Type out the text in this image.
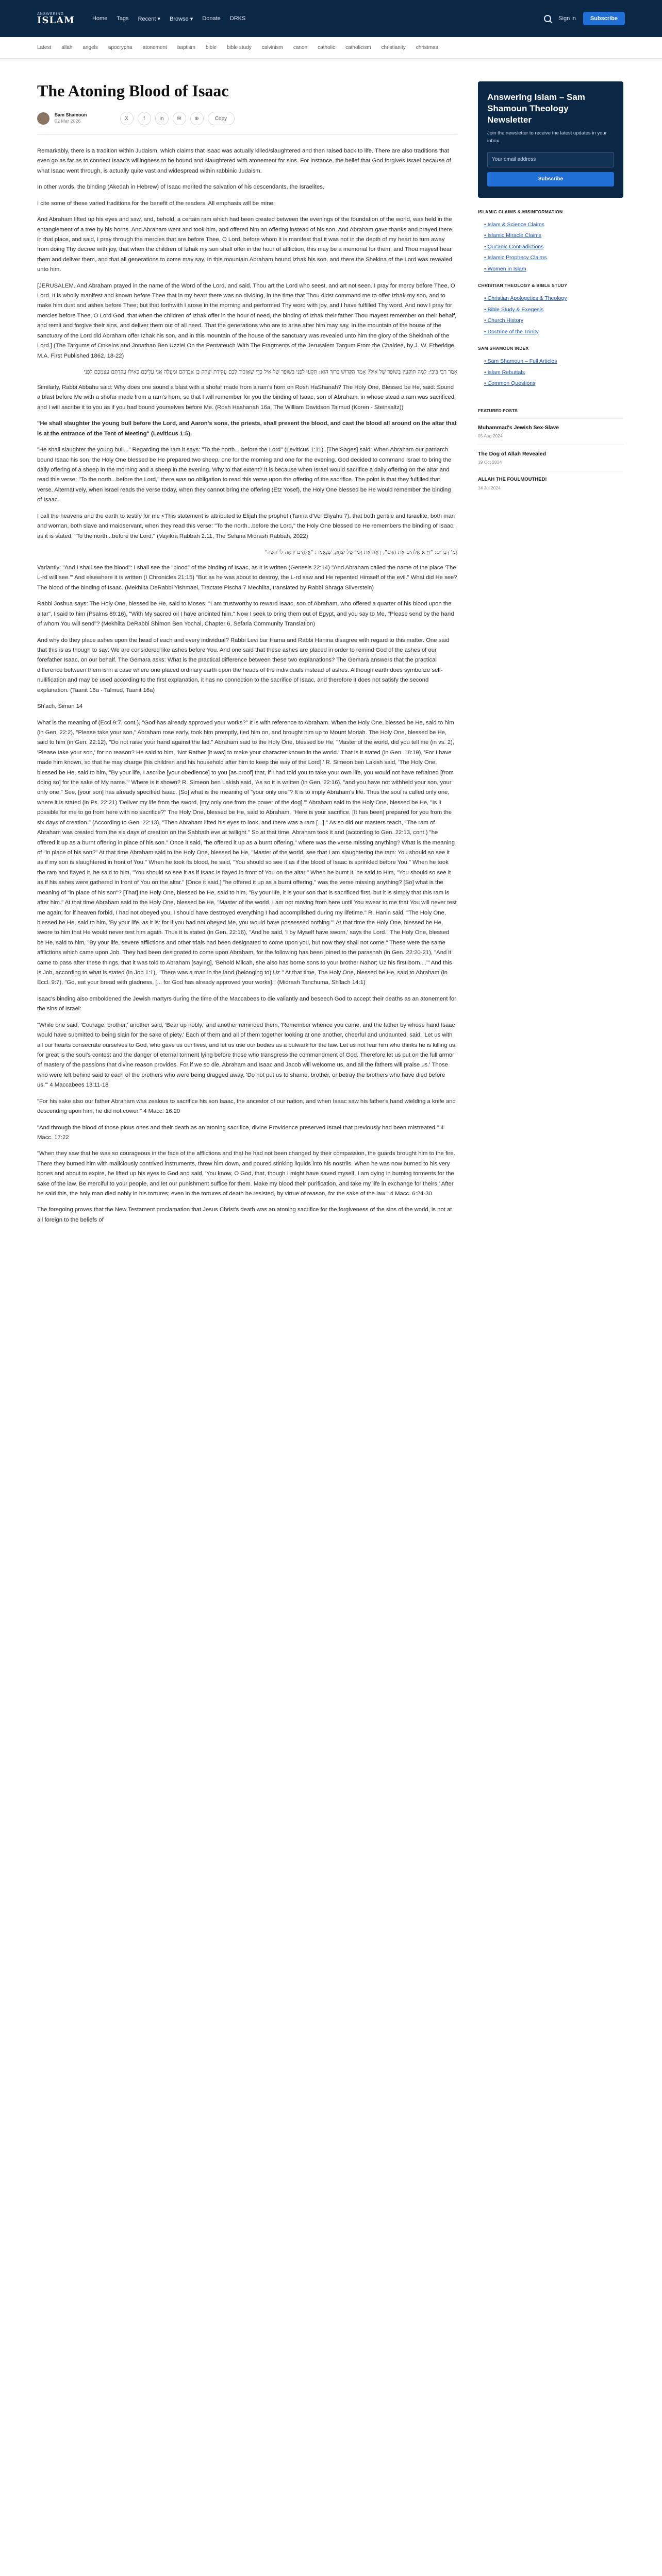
ANSWERING
ISLAM	Home Tags Recent ▾ Browse ▾ Donate DRKS	Sign in	Subscribe
Latest allah angels apocrypha atonement baptism bible bible study calvinism canon catholic catholicism christianity christmas
The Atoning Blood of Isaac
Sam Shamoun
02 Mar 2026	X	f	in	✉	⊕	Copy

Remarkably, there is a tradition within Judaism, which claims that Isaac was actually killed/slaughtered and then raised back to life. There are also traditions that even go as far as to connect Isaac's willingness to be bound and slaughtered with atonement for sins. For instance, the belief that God forgives Israel because of what Isaac went through, is actually quite vast and widespread within rabbinic Judaism.

In other words, the binding (Akedah in Hebrew) of Isaac merited the salvation of his descendants, the Israelites.

I cite some of these varied traditions for the benefit of the readers. All emphasis will be mine.

And Abraham lifted up his eyes and saw, and, behold, a certain ram which had been created between the evenings of the foundation of the world, was held in the entanglement of a tree by his horns. And Abraham went and took him, and offered him an offering instead of his son. And Abraham gave thanks and prayed there, in that place, and said, I pray through the mercies that are before Thee, O Lord, before whom it is manifest that it was not in the depth of my heart to turn away from doing Thy decree with joy, that when the children of Izhak my son shall offer in the hour of affliction, this may be a memorial for them; and Thou mayest hear them and deliver them, and that all generations to come may say, In this mountain Abraham bound Izhak his son, and there the Shekina of the Lord was revealed unto him.

[JERUSALEM. And Abraham prayed in the name of the Word of the Lord, and said, Thou art the Lord who seest, and art not seen. I pray for mercy before Thee, O Lord. It is wholly manifest and known before Thee that in my heart there was no dividing, in the time that Thou didst command me to offer Izhak my son, and to make him dust and ashes before Thee; but that forthwith I arose in the morning and performed Thy word with joy, and I have fulfilled Thy word. And now I pray for mercies before Thee, O Lord God, that when the children of Izhak offer in the hour of need, the binding of Izhak their father Thou mayest remember on their behalf, and remit and forgive their sins, and deliver them out of all need. That the generations who are to arise after him may say, In the mountain of the house of the sanctuary of the Lord did Abraham offer Izhak his son, and in this mountain of the house of the sanctuary was revealed unto him the glory of the Shekinah of the Lord.] (The Targums of Onkelos and Jonathan Ben Uzziel On the Pentateuch With The Fragments of the Jerusalem Targum From the Chaldee, by J. W. Etheridge, M.A. First Published 1862, 18-22)

אָמַר רַבִּי בִּיבִי: לְמָה תּוֹקְעִין בְּשׁוֹפָר שֶׁל אַיִל? אָמַר הַקָּדוֹשׁ בָּרוּךְ הוּא: תִּקְעוּ לְפָנַי בְּשׁוֹפָר שֶׁל אַיִל כְּדֵי שֶׁאֶזְכּוֹר לָכֶם עֲקֵידַת יִצְחָק בֶּן אַבְרָהָם וּמַעֲלֶה אֲנִי עֲלֵיכֶם כְּאִילּוּ עֲקַדְתֶּם עַצְמְכֶם לְפָנַי

Similarly, Rabbi Abbahu said: Why does one sound a blast with a shofar made from a ram's horn on Rosh HaShanah? The Holy One, Blessed be He, said: Sound a blast before Me with a shofar made from a ram's horn, so that I will remember for you the binding of Isaac, son of Abraham, in whose stead a ram was sacrificed, and I will ascribe it to you as if you had bound yourselves before Me. (Rosh Hashanah 16a, The William Davidson Talmud (Koren - Steinsaltz))

"He shall slaughter the young bull before the Lord, and Aaron's sons, the priests, shall present the blood, and cast the blood all around on the altar that is at the entrance of the Tent of Meeting" (Leviticus 1:5).

"He shall slaughter the young bull..." Regarding the ram it says: "To the north... before the Lord" (Leviticus 1:11). [The Sages] said: When Abraham our patriarch bound Isaac his son, the Holy One blessed be He prepared two sheep, one for the morning and one for the evening. God decided to command Israel to bring the daily offering of a sheep in the morning and a sheep in the evening. Why to that extent? It is because when Israel would sacrifice a daily offering on the altar and read this verse: "To the north...before the Lord," there was no obligation to read this verse upon the offering of the sacrifice. The point is that they fulfilled that verse. Alternatively, when Israel reads the verse today, when they cannot bring the offering (Etz Yosef), the Holy One blessed be He would remember the binding of Isaac.

I call the heavens and the earth to testify for me <This statement is attributed to Elijah the prophet (Tanna d'Vei Eliyahu 7). that both gentile and Israelite, both man and woman, both slave and maidservant, when they read this verse: "To the north...before the Lord," the Holy One blessed be He remembers the binding of Isaac, as it is stated: "To the north...before the Lord." (Vayikra Rabbah 2:11, The Sefaria Midrash Rabbah, 2022)

גְּמָ' דְּבָרִים: "וַיַּרְא אֱלֹהִים אֶת הַדָּם", רְאָה אֶת דָּמוֹ שֶׁל יִצְחָק, שֶׁנֶּאֱמַר: "אֱלֹהִים יִרְאֶה לּוֹ הַשֶּׂה"

Variantly: "And I shall see the blood": I shall see the "blood" of the binding of Isaac, as it is written (Genesis 22:14) "And Abraham called the name of the place 'The L-rd will see.'" And elsewhere it is written (I Chronicles 21:15) "But as he was about to destroy, the L-rd saw and He repented Himself of the evil." What did He see? The blood of the binding of Isaac. (Mekhilta DeRabbi Yishmael, Tractate Pischa 7 Mechilta, translated by Rabbi Shraga Silverstein)

Rabbi Joshua says: The Holy One, blessed be He, said to Moses, "I am trustworthy to reward Isaac, son of Abraham, who offered a quarter of his blood upon the altar", I said to him (Psalms 89:16), "With My sacred oil I have anointed him." Now I seek to bring them out of Egypt, and you say to Me, "Please send by the hand of whom You will send"? (Mekhilta DeRabbi Shimon Ben Yochai, Chapter 6, Sefaria Community Translation)

And why do they place ashes upon the head of each and every individual? Rabbi Levi bar Hama and Rabbi Hanina disagree with regard to this matter. One said that this is as though to say: We are considered like ashes before You. And one said that these ashes are placed in order to remind God of the ashes of our forefather Isaac, on our behalf. The Gemara asks: What is the practical difference between these two explanations? The Gemara answers that the practical difference between them is in a case where one placed ordinary earth upon the heads of the individuals instead of ashes. Although earth does symbolize self-nullification and may be used according to the first explanation, it has no connection to the sacrifice of Isaac, and therefore it does not satisfy the second explanation. (Taanit 16a - Talmud, Taanit 16a)

Sh'ach, Siman 14

What is the meaning of (Eccl 9:7, cont.), "God has already approved your works?" It is with reference to Abraham. When the Holy One, blessed be He, said to him (in Gen. 22:2), "Please take your son," Abraham rose early, took him promptly, tied him on, and brought him up to Mount Moriah. The Holy One, blessed be He, said to him (in Gen. 22:12), "Do not raise your hand against the lad." Abraham said to the Holy One, blessed be He, "Master of the world, did you tell me (in vs. 2), 'Please take your son,' for no reason? He said to him, 'Not Rather [it was] to make your character known in the world.' That is it stated (in Gen. 18:19), 'For I have made him known, so that he may charge [his children and his household after him to keep the way of the Lord].' R. Simeon ben Lakish said, 'The Holy One, blessed be He, said to him, "By your life, I ascribe [your obedience] to you [as proof] that, if I had told you to take your own life, you would not have refrained [from doing so] for the sake of My name."' Where is it shown? R. Simeon ben Lakish said, 'As so it is written (in Gen. 22:16), "and you have not withheld your son, your only one." See, [your son] has already specified Isaac. [So] what is the meaning of "your only one"? It is to imply Abraham's life. Thus the soul is called only one, where it is stated (in Ps. 22:21) 'Deliver my life from the sword, [my only one from the power of the dog].'" Abraham said to the Holy One, blessed be He, "Is it possible for me to go from here with no sacrifice?" The Holy One, blessed be He, said to Abraham, "Here is your sacrifice. [It has been] prepared for you from the six days of creation." (According to Gen. 22:13), "Then Abraham lifted his eyes to look, and there was a ram [...]." As so did our masters teach, "The ram of Abraham was created from the six days of creation on the Sabbath eve at twilight." So at that time, Abraham took it and (according to Gen. 22:13, cont.) "he offered it up as a burnt offering in place of his son." Once it said, "he offered it up as a burnt offering," where was the verse missing anything? What is the meaning of "in place of his son?" At that time Abraham said to the Holy One, blessed be He, "Master of the world, see that I am slaughtering the ram: You should so see it as if my son is slaughtered in front of You." When he took its blood, he said, "You should so see it as if the blood of Isaac is sprinkled before You." When he took the ram and flayed it, he said to him, "You should so see it as if Isaac is flayed in front of You on the altar." When he burnt it, he said to Him, "You should so see it as if his ashes were gathered in front of You on the altar." [Once it said,] "he offered it up as a burnt offering," was the verse missing anything? [So] what is the meaning of "in place of his son"? [That] the Holy One, blessed be He, said to him, "By your life, it is your son that is sacrificed first, but it is simply that this ram is after him." At that time Abraham said to the Holy One, blessed be He, "Master of the world, I am not moving from here until You swear to me that You will never test me again; for if heaven forbid, I had not obeyed you, I should have destroyed everything I had accomplished during my lifetime." R. Hanin said, "The Holy One, blessed be He, said to him, 'By your life, as it is: for if you had not obeyed Me, you would have possessed nothing.'" At that time the Holy One, blessed be He, swore to him that He would never test him again. Thus it is stated (in Gen. 22:16), "And he said, 'I by Myself have sworn,' says the Lord." The Holy One, blessed be He, said to him, "By your life, severe afflictions and other trials had been designated to come upon you, but now they shall not come." These were the same afflictions which came upon Job. They had been designated to come upon Abraham, for the following has been joined to the parashah (in Gen. 22:20-21), "And it came to pass after these things, that it was told to Abraham [saying], 'Behold Milcah, she also has borne sons to your brother Nahor; Uz his first-born....'" And this is Job, according to what is stated (in Job 1:1), "There was a man in the land (belonging to) Uz." At that time, The Holy One, blessed be He, said to Abraham (in Eccl. 9:7), "Go, eat your bread with gladness, [... for God has already approved your works]." (Midrash Tanchuma, Sh'lach 14:1)

Isaac's binding also emboldened the Jewish martyrs during the time of the Maccabees to die valiantly and beseech God to accept their deaths as an atonement for the sins of Israel:

"While one said, 'Courage, brother,' another said, 'Bear up nobly,' and another reminded them, 'Remember whence you came, and the father by whose hand Isaac would have submitted to being slain for the sake of piety.' Each of them and all of them together looking at one another, cheerful and undaunted, said, 'Let us with all our hearts consecrate ourselves to God, who gave us our lives, and let us use our bodies as a bulwark for the law. Let us not fear him who thinks he is killing us, for great is the soul's contest and the danger of eternal torment lying before those who transgress the commandment of God. Therefore let us put on the full armor of mastery of the passions that divine reason provides. For if we so die, Abraham and Isaac and Jacob will welcome us, and all the fathers will praise us.' Those who were left behind said to each of the brothers who were being dragged away, 'Do not put us to shame, brother, or betray the brothers who have died before us.'" 4 Maccabees 13:11-18

"For his sake also our father Abraham was zealous to sacrifice his son Isaac, the ancestor of our nation, and when Isaac saw his father's hand wielding a knife and descending upon him, he did not cower." 4 Macc. 16:20

"And through the blood of those pious ones and their death as an atoning sacrifice, divine Providence preserved Israel that previously had been mistreated." 4 Macc. 17:22

"When they saw that he was so courageous in the face of the afflictions and that he had not been changed by their compassion, the guards brought him to the fire. There they burned him with maliciously contrived instruments, threw him down, and poured stinking liquids into his nostrils. When he was now burned to his very bones and about to expire, he lifted up his eyes to God and said, 'You know, O God, that, though I might have saved myself, I am dying in burning torments for the sake of the law. Be merciful to your people, and let our punishment suffice for them. Make my blood their purification, and take my life in exchange for theirs.' After he said this, the holy man died nobly in his tortures; even in the tortures of death he resisted, by virtue of reason, for the sake of the law." 4 Macc. 6:24-30

The foregoing proves that the New Testament proclamation that Jesus Christ's death was an atoning sacrifice for the forgiveness of the sins of the world, is not at all foreign to the beliefs of

Answering Islam – Sam Shamoun Theology Newsletter

Join the newsletter to receive the latest updates in your inbox.

Your email address
Subscribe
ISLAMIC CLAIMS & MISINFORMATION
• Islam & Science Claims
• Islamic Miracle Claims
• Qur'anic Contradictions
• Islamic Prophecy Claims
• Women in Islam
CHRISTIAN THEOLOGY & BIBLE STUDY
• Christian Apologetics & Theology
• Bible Study & Exegesis
• Church History
• Doctrine of the Trinity
SAM SHAMOUN INDEX
• Sam Shamoun – Full Articles
• Islam Rebuttals
• Common Questions
FEATURED POSTS
Muhammad's Jewish Sex-Slave
05 Aug 2024
The Dog of Allah Revealed
19 Oct 2024
ALLAH THE FOULMOUTHED!
14 Jul 2024
